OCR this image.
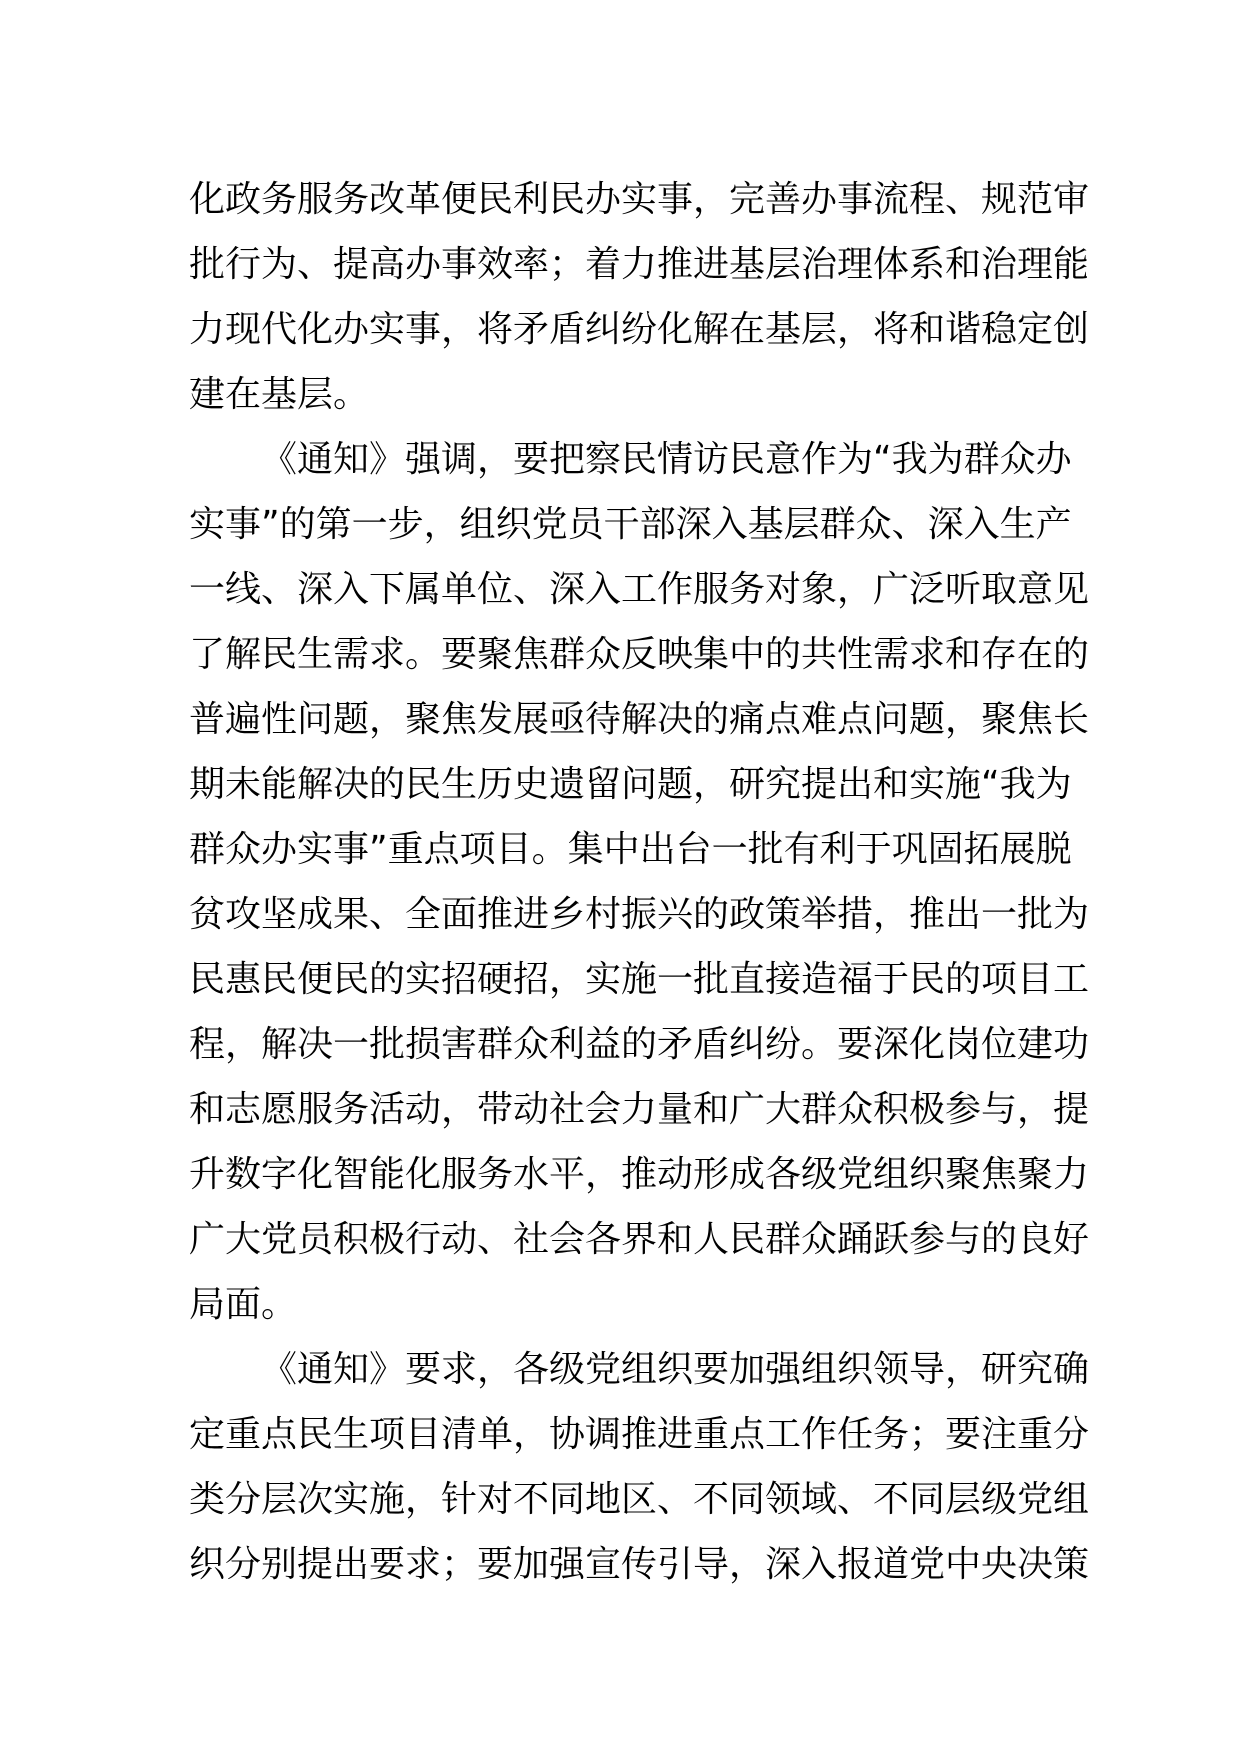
化政务服务改革便民利民办实事，完善办事流程、规范审
批行为、提高办事效率；着力推进基层治理体系和治理能
力现代化办实事，将矛盾纠纷化解在基层，将和谐稳定创
建在基层。
《通知》强调，要把察民情访民意作为“我为群众办
实事”的第一步，组织党员干部深入基层群众、深入生产
一线、深入下属单位、深入工作服务对象，广泛听取意见
了解民生需求。要聚焦群众反映集中的共性需求和存在的
普遍性问题，聚焦发展亟待解决的痛点难点问题，聚焦长
期未能解决的民生历史遗留问题，研究提出和实施“我为
群众办实事”重点项目。集中出台一批有利于巩固拓展脱
贫攻坚成果、全面推进乡村振兴的政策举措，推出一批为
民惠民便民的实招硬招，实施一批直接造福于民的项目工
程，解决一批损害群众利益的矛盾纠纷。要深化岗位建功
和志愿服务活动，带动社会力量和广大群众积极参与，提
升数字化智能化服务水平，推动形成各级党组织聚焦聚力
广大党员积极行动、社会各界和人民群众踊跃参与的良好
局面。
《通知》要求，各级党组织要加强组织领导，研究确
定重点民生项目清单，协调推进重点工作任务；要注重分
类分层次实施，针对不同地区、不同领域、不同层级党组
织分别提出要求；要加强宣传引导，深入报道党中央决策
